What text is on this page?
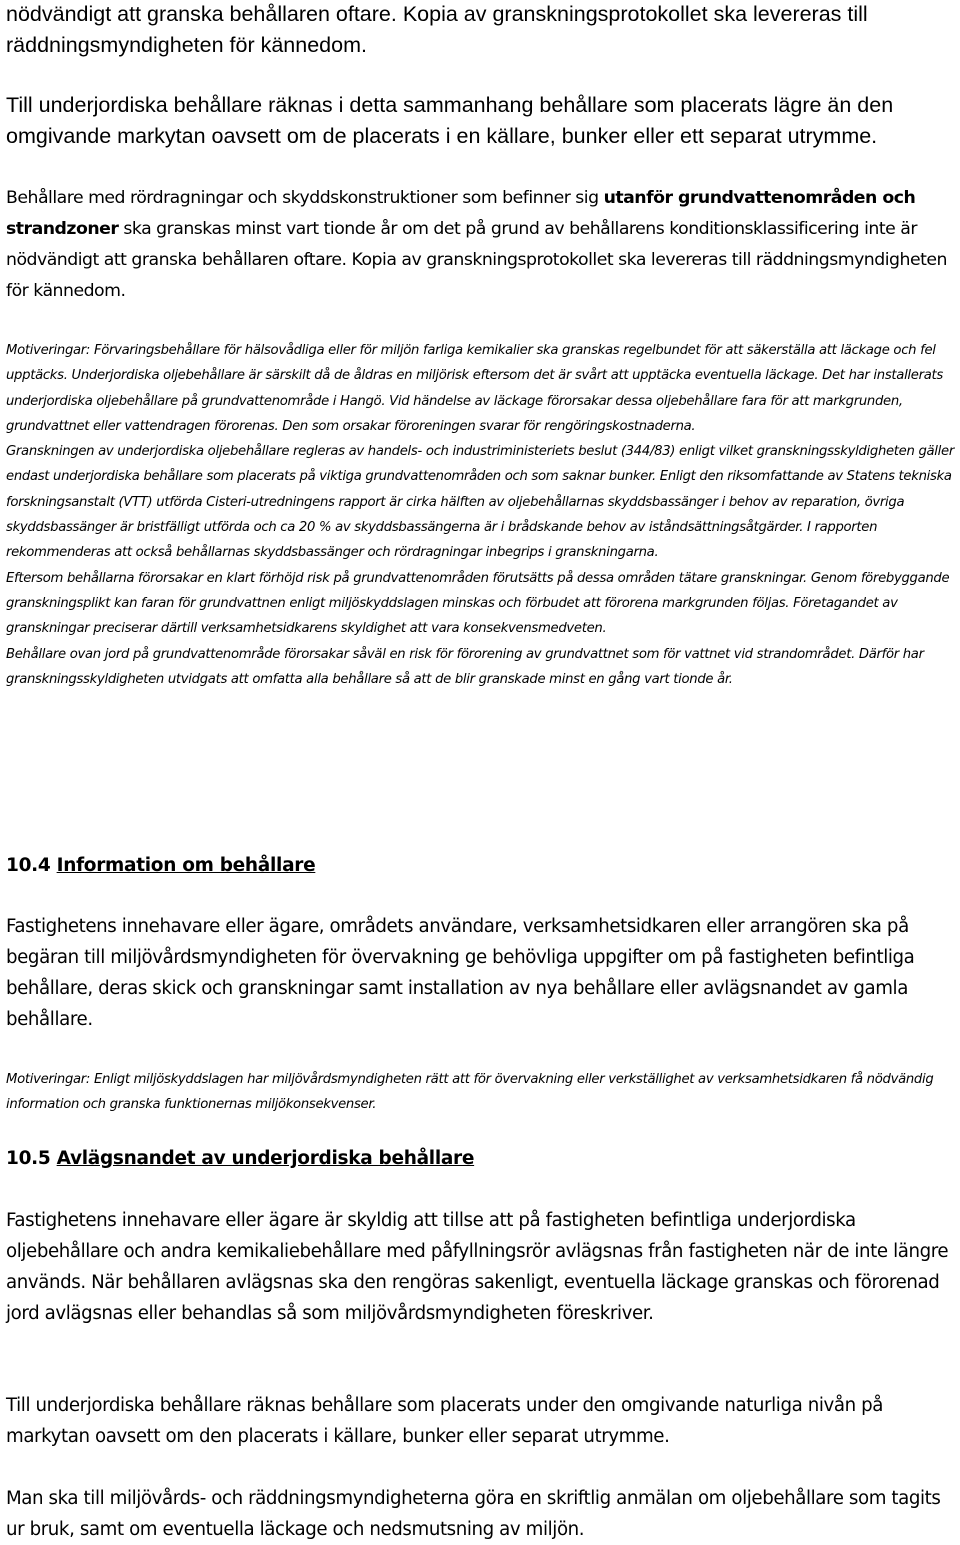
nödvändigt att granska behållaren oftare. Kopia av granskningsprotokollet ska levereras till räddningsmyndigheten för kännedom.

Till underjordiska behållare räknas i detta sammanhang behållare som placerats lägre än den omgivande markytan oavsett om de placerats i en källare, bunker eller ett separat utrymme.

Behållare med rördragningar och skyddskonstruktioner som befinner sig utanför grundvattenområden och strandzoner ska granskas minst vart tionde år om det på grund av behållarens konditionsklassificering inte är nödvändigt att granska behållaren oftare. Kopia av granskningsprotokollet ska levereras till räddningsmyndigheten för kännedom.

Motiveringar: Förvaringsbehållare för hälsovådliga eller för miljön farliga kemikalier ska granskas regelbundet för att säkerställa att läckage och fel upptäcks. Underjordiska oljebehållare är särskilt då de åldras en miljörisk eftersom det är svårt att upptäcka eventuella läckage. Det har installerats underjordiska oljebehållare på grundvattenområde i Hangö. Vid händelse av läckage förorsakar dessa oljebehållare fara för att markgrunden, grundvattnet eller vattendragen förorenas. Den som orsakar föroreningen svarar för rengöringskostnaderna.

Granskningen av underjordiska oljebehållare regleras av handels- och industriministeriets beslut (344/83) enligt vilket granskningsskyldigheten gäller endast underjordiska behållare som placerats på viktiga grundvattenområden och som saknar bunker. Enligt den riksomfattande av Statens tekniska forskningsanstalt (VTT) utförda Cisteri-utredningens rapport är cirka hälften av oljebehållarnas skyddsbassänger i behov av reparation, övriga skyddsbassänger är bristfälligt utförda och ca 20 % av skyddsbassängerna är i brådskande behov av iståndsättningsåtgärder. I rapporten rekommenderas att också behållarnas skyddsbassänger och rördragningar inbegrips i granskningarna.

Eftersom behållarna förorsakar en klart förhöjd risk på grundvattenområden förutsätts på dessa områden tätare granskningar. Genom förebyggande granskningsplikt kan faran för grundvattnen enligt miljöskyddslagen minskas och förbudet att förorena markgrunden följas. Företagandet av granskningar preciserar därtill verksamhetsidkarens skyldighet att vara konsekvensmedveten.

Behållare ovan jord på grundvattenområde förorsakar såväl en risk för förorening av grundvattnet som för vattnet vid strandområdet. Därför har granskningsskyldigheten utvidgats att omfatta alla behållare så att de blir granskade minst en gång vart tionde år.

10.4 Information om behållare

Fastighetens innehavare eller ägare, områdets användare, verksamhetsidkaren eller arrangören ska på begäran till miljövårdsmyndigheten för övervakning ge behövliga uppgifter om på fastigheten befintliga behållare, deras skick och granskningar samt installation av nya behållare eller avlägsnandet av gamla behållare.

Motiveringar: Enligt miljöskyddslagen har miljövårdsmyndigheten rätt att för övervakning eller verkställighet av verksamhetsidkaren få nödvändig information och granska funktionernas miljökonsekvenser.

10.5 Avlägsnandet av underjordiska behållare

Fastighetens innehavare eller ägare är skyldig att tillse att på fastigheten befintliga underjordiska oljebehållare och andra kemikaliebehållare med påfyllningsrör avlägsnas från fastigheten när de inte längre används. När behållaren avlägsnas ska den rengöras sakenligt, eventuella läckage granskas och förorenad jord avlägsnas eller behandlas så som miljövårdsmyndigheten föreskriver.

Till underjordiska behållare räknas behållare som placerats under den omgivande naturliga nivån på markytan oavsett om den placerats i källare, bunker eller separat utrymme.

Man ska till miljövårds- och räddningsmyndigheterna göra en skriftlig anmälan om oljebehållare som tagits ur bruk, samt om eventuella läckage och nedsmutsning av miljön.
